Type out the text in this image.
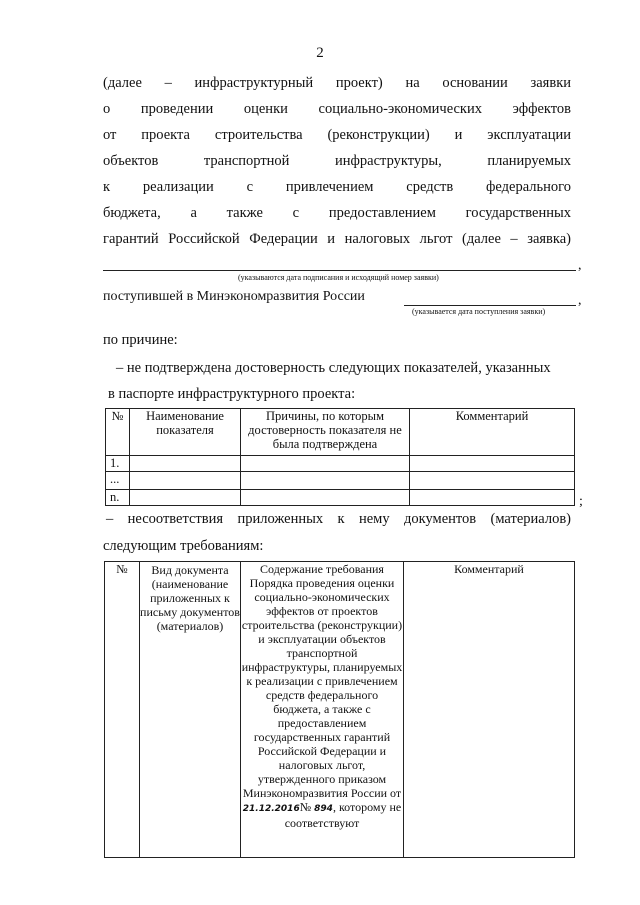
2
(далее – инфраструктурный проект) на основании заявки
о проведении оценки социально-экономических эффектов
от проекта строительства (реконструкции) и эксплуатации
объектов транспортной инфраструктуры, планируемых
к реализации с привлечением средств федерального
бюджета, а также с предоставлением государственных
гарантий Российской Федерации и налоговых льгот (далее – заявка)
,
(указываются дата подписания и исходящий номер заявки)
поступившей в Минэкономразвития России	,
(указывается дата поступления заявки)
по причине:
– не подтверждена достоверность следующих показателей, указанных
в паспорте инфраструктурного проекта:
№	Наименование показателя	Причины, по которым достоверность показателя не была подтверждена	Комментарий
1.			
...			
n.				;
– несоответствия приложенных к нему документов (материалов)
следующим требованиям:
№	Вид документа (наименование приложенных к письму документов (материалов)	Содержание требования Порядка проведения оценки социально-экономических эффектов от проектов строительства (реконструкции) и эксплуатации объектов транспортной инфраструктуры, планируемых к реализации с привлечением средств федерального бюджета, а также с предоставлением государственных гарантий Российской Федерации и налоговых льгот, утвержденного приказом Минэкономразвития России от 21.12.2016№ 894, которому не соответствуют	Комментарий
